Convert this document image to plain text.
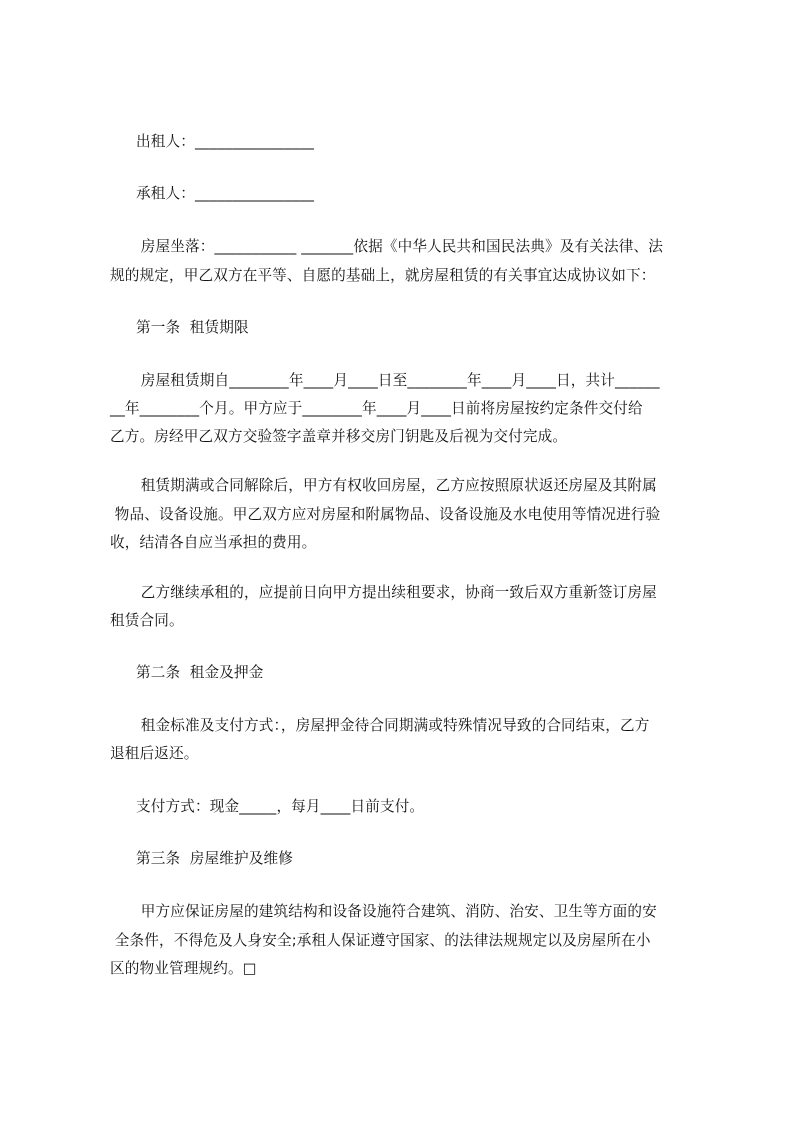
出租人：________________
承租人：________________
房屋坐落：___________ _______依据《中华人民共和国民法典》及有关法律、法
规的规定，甲乙双方在平等、自愿的基础上，就房屋租赁的有关事宜达成协议如下：
第一条  租赁期限
房屋租赁期自________年____月____日至________年____月____日，共计______
__年________个月。甲方应于________年____月____日前将房屋按约定条件交付给
乙方。房经甲乙双方交验签字盖章并移交房门钥匙及后视为交付完成。
租赁期满或合同解除后，甲方有权收回房屋，乙方应按照原状返还房屋及其附属
物品、设备设施。甲乙双方应对房屋和附属物品、设备设施及水电使用等情况进行验
收，结清各自应当承担的费用。
乙方继续承租的，应提前日向甲方提出续租要求，协商一致后双方重新签订房屋
租赁合同。
第二条  租金及押金
租金标准及支付方式：，房屋押金待合同期满或特殊情况导致的合同结束，乙方
退租后返还。
支付方式：现金_____，每月____日前支付。
第三条  房屋维护及维修
甲方应保证房屋的建筑结构和设备设施符合建筑、消防、治安、卫生等方面的安
全条件，不得危及人身安全;承租人保证遵守国家、的法律法规规定以及房屋所在小
区的物业管理规约。□
